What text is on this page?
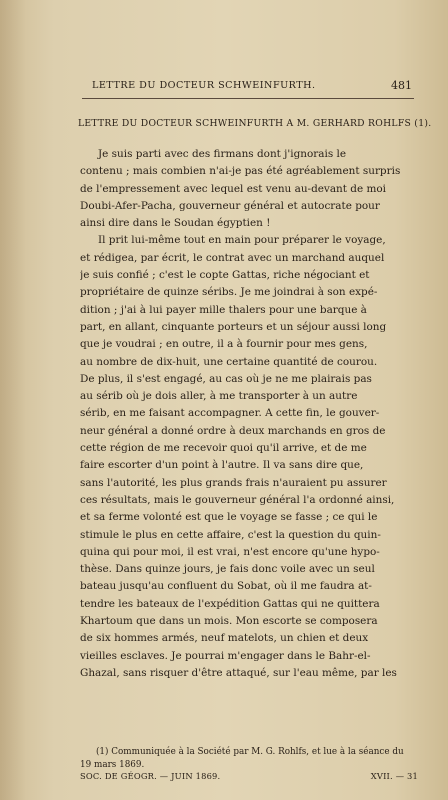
LETTRE DU DOCTEUR SCHWEINFURTH.	481
LETTRE DU DOCTEUR SCHWEINFURTH A M. GERHARD ROHLFS (1).
Je suis parti avec des firmans dont j'ignorais le
contenu ; mais combien n'ai-je pas été agréablement surpris
de l'empressement avec lequel est venu au-devant de moi
Doubi-Afer-Pacha, gouverneur général et autocrate pour
ainsi dire dans le Soudan égyptien !
Il prit lui-même tout en main pour préparer le voyage,
et rédigea, par écrit, le contrat avec un marchand auquel
je suis confié ; c'est le copte Gattas, riche négociant et
propriétaire de quinze séribs. Je me joindrai à son expé-
dition ; j'ai à lui payer mille thalers pour une barque à
part, en allant, cinquante porteurs et un séjour aussi long
que je voudrai ; en outre, il a à fournir pour mes gens,
au nombre de dix-huit, une certaine quantité de courou.
De plus, il s'est engagé, au cas où je ne me plairais pas
au sérib où je dois aller, à me transporter à un autre
sérib, en me faisant accompagner. A cette fin, le gouver-
neur général a donné ordre à deux marchands en gros de
cette région de me recevoir quoi qu'il arrive, et de me
faire escorter d'un point à l'autre. Il va sans dire que,
sans l'autorité, les plus grands frais n'auraient pu assurer
ces résultats, mais le gouverneur général l'a ordonné ainsi,
et sa ferme volonté est que le voyage se fasse ; ce qui le
stimule le plus en cette affaire, c'est la question du quin-
quina qui pour moi, il est vrai, n'est encore qu'une hypo-
thèse. Dans quinze jours, je fais donc voile avec un seul
bateau jusqu'au confluent du Sobat, où il me faudra at-
tendre les bateaux de l'expédition Gattas qui ne quittera
Khartoum que dans un mois. Mon escorte se composera
de six hommes armés, neuf matelots, un chien et deux
vieilles esclaves. Je pourrai m'engager dans le Bahr-el-
Ghazal, sans risquer d'être attaqué, sur l'eau même, par les
(1) Communiquée à la Société par M. G. Rohlfs, et lue à la séance du
19 mars 1869.
SOC. DE GÉOGR. — JUIN 1869.	XVII. — 31
